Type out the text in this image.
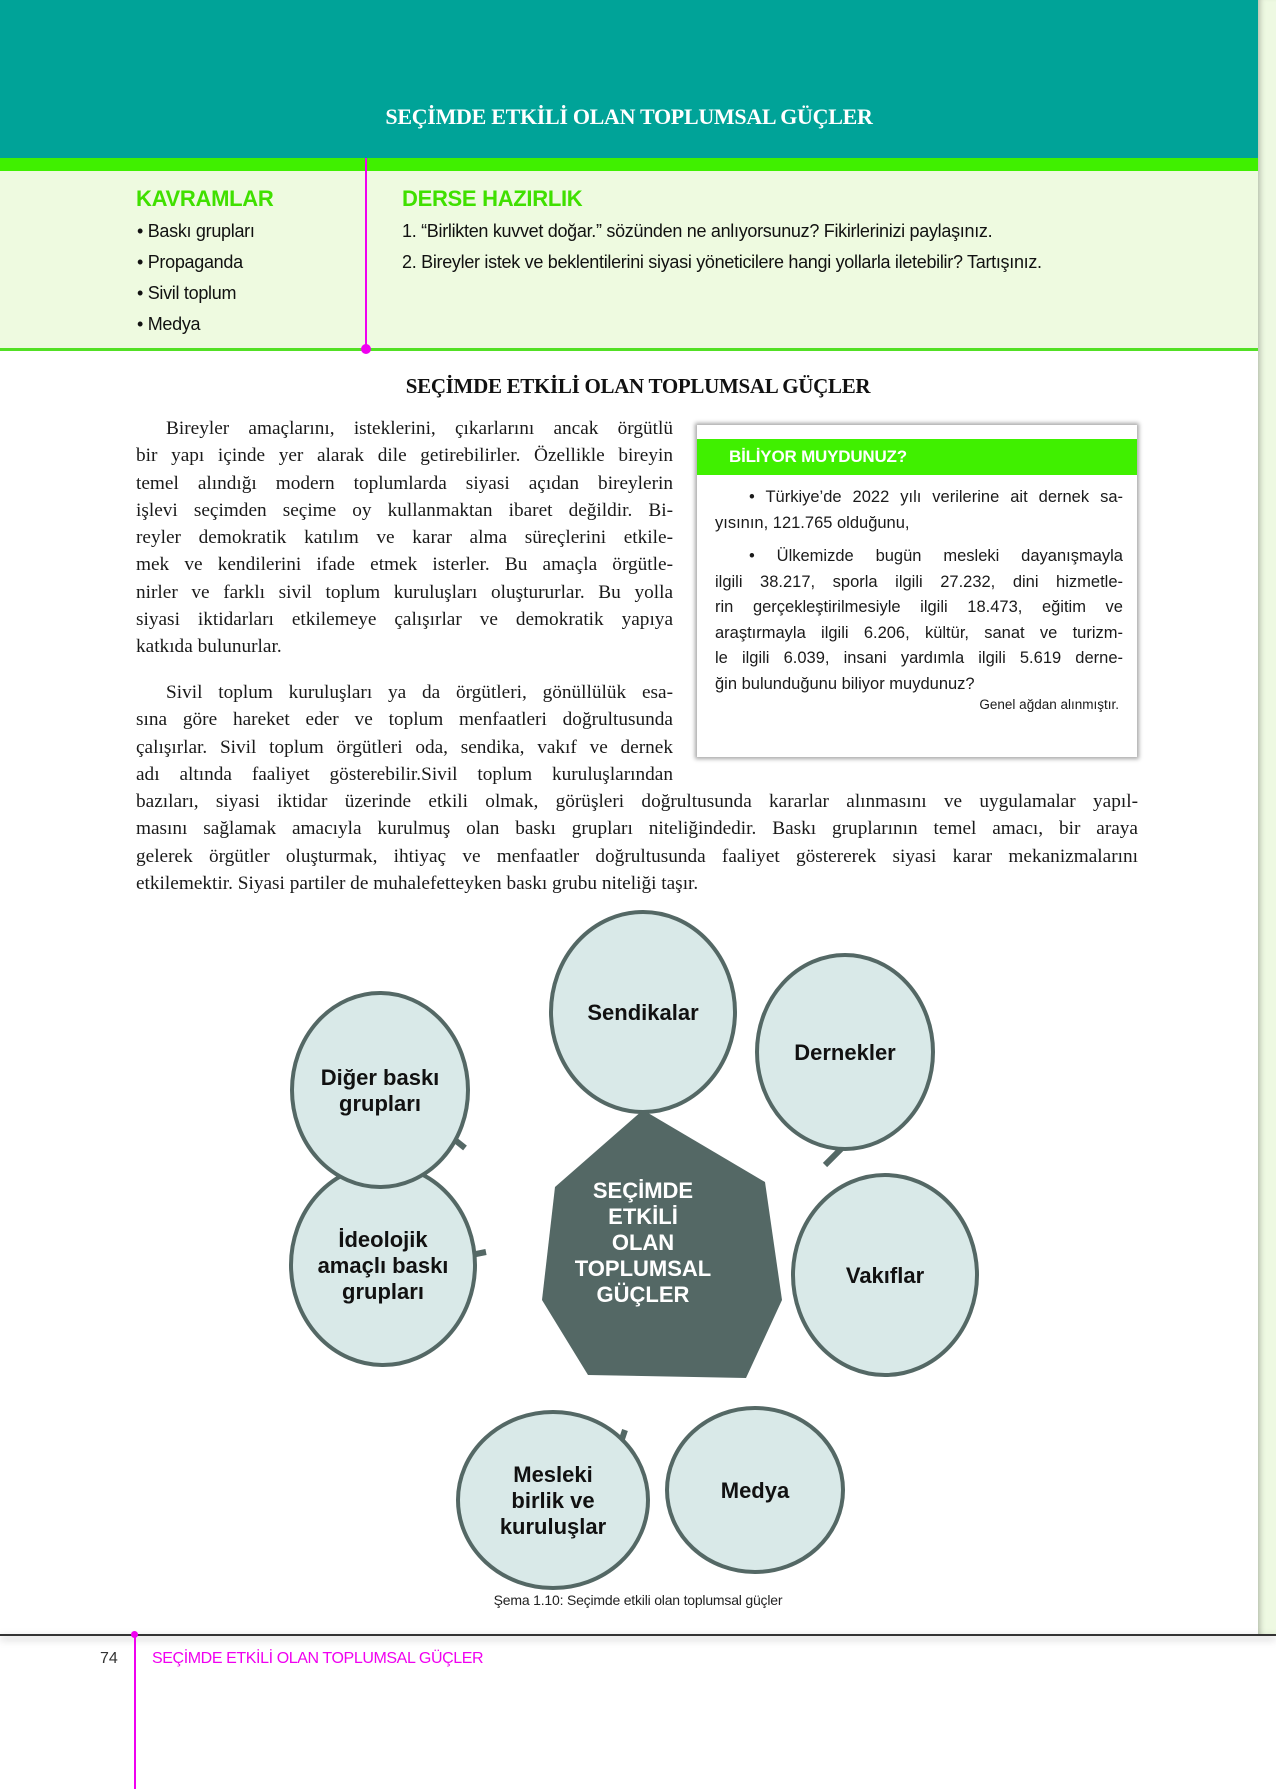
SEÇİMDE ETKİLİ OLAN TOPLUMSAL GÜÇLER
KAVRAMLAR
• Baskı grupları
• Propaganda
• Sivil toplum
• Medya
DERSE HAZIRLIK
1. “Birlikten kuvvet doğar.” sözünden ne anlıyorsunuz? Fikirlerinizi paylaşınız.
2. Bireyler istek ve beklentilerini siyasi yöneticilere hangi yollarla iletebilir? Tartışınız.
SEÇİMDE ETKİLİ OLAN TOPLUMSAL GÜÇLER
Bireyler amaçlarını, isteklerini, çıkarlarını ancak örgütlü
bir yapı içinde yer alarak dile getirebilirler. Özellikle bireyin
temel alındığı modern toplumlarda siyasi açıdan bireylerin
işlevi seçimden seçime oy kullanmaktan ibaret değildir. Bi-
reyler demokratik katılım ve karar alma süreçlerini etkile-
mek ve kendilerini ifade etmek isterler. Bu amaçla örgütle-
nirler ve farklı sivil toplum kuruluşları oluştururlar. Bu yolla
siyasi iktidarları etkilemeye çalışırlar ve demokratik yapıya
katkıda bulunurlar.
Sivil toplum kuruluşları ya da örgütleri, gönüllülük esa-
sına göre hareket eder ve toplum menfaatleri doğrultusunda
çalışırlar. Sivil toplum örgütleri oda, sendika, vakıf ve dernek
adı altında faaliyet gösterebilir.Sivil toplum kuruluşlarından
bazıları, siyasi iktidar üzerinde etkili olmak, görüşleri doğrultusunda kararlar alınmasını ve uygulamalar yapıl-
masını sağlamak amacıyla kurulmuş olan baskı grupları niteliğindedir. Baskı gruplarının temel amacı, bir araya
gelerek örgütler oluşturmak, ihtiyaç ve menfaatler doğrultusunda faaliyet göstererek siyasi karar mekanizmalarını
etkilemektir. Siyasi partiler de muhalefetteyken baskı grubu niteliği taşır.
BİLİYOR MUYDUNUZ?
• Türkiye’de 2022 yılı verilerine ait dernek sa-
yısının, 121.765 olduğunu,
• Ülkemizde bugün mesleki dayanışmayla
ilgili 38.217, sporla ilgili 27.232, dini hizmetle-
rin gerçekleştirilmesiyle ilgili 18.473, eğitim ve
araştırmayla ilgili 6.206, kültür, sanat ve turizm-
le ilgili 6.039, insani yardımla ilgili 5.619 derne-
ğin bulunduğunu biliyor muydunuz?
Genel ağdan alınmıştır.
Sendikalar
Dernekler
Vakıflar
Medya
Mesleki
birlik ve
kuruluşlar
İdeolojik
amaçlı baskı
grupları
Diğer baskı
grupları
SEÇİMDE
ETKİLİ
OLAN
TOPLUMSAL
GÜÇLER
Şema 1.10: Seçimde etkili olan toplumsal güçler
74 SEÇİMDE ETKİLİ OLAN TOPLUMSAL GÜÇLER
